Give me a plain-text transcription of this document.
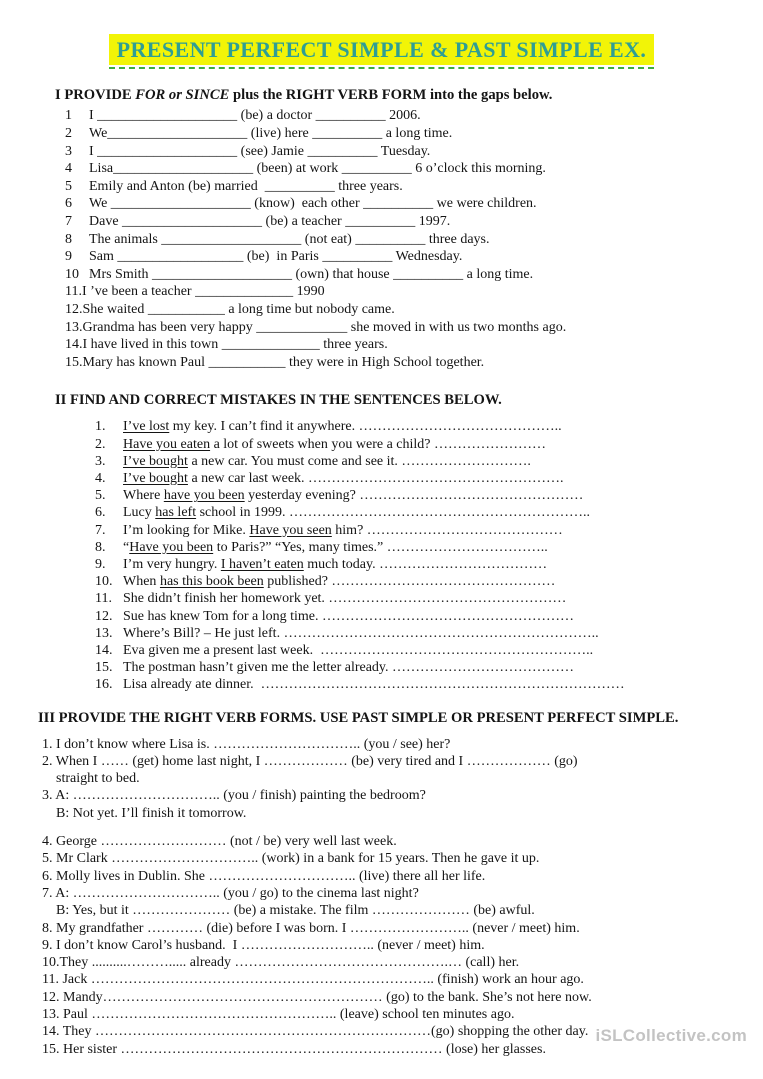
PRESENT PERFECT SIMPLE & PAST SIMPLE EX.
I PROVIDE FOR or SINCE plus the RIGHT VERB FORM into the gaps below.
1	I ____________________ (be) a doctor __________ 2006.
2	We____________________ (live) here __________ a long time.
3	I ____________________ (see) Jamie __________ Tuesday.
4	Lisa____________________ (been) at work __________ 6 o’clock this morning.
5	Emily and Anton (be) married  __________ three years.
6	We ____________________ (know)  each other __________ we were children.
7	Dave ____________________ (be) a teacher __________ 1997.
8	The animals ____________________ (not eat) __________ three days.
9	Sam __________________ (be)  in Paris __________ Wednesday.
10 Mrs Smith ____________________ (own) that house __________ a long time.
11.I ’ve been a teacher ______________ 1990
12.She waited ___________ a long time but nobody came.
13.Grandma has been very happy _____________ she moved in with us two months ago.
14.I have lived in this town ______________ three years.
15.Mary has known Paul ___________ they were in High School together.
II FIND AND CORRECT MISTAKES IN THE SENTENCES BELOW.
1.	I’ve lost my key. I can’t find it anywhere. ……………………………………..
2.	Have you eaten a lot of sweets when you were a child? ……………………
3.	I’ve bought a new car. You must come and see it. ……………………….
4.	I’ve bought a new car last week. ……………………………………………….
5.	Where have you been yesterday evening? …………………………………………
6.	Lucy has left school in 1999. ………………………………………………………..
7.	I’m looking for Mike. Have you seen him? ……………………………………
8.	“Have you been to Paris?” “Yes, many times.” ……………………………..
9.	I’m very hungry. I haven’t eaten much today. ………………………………
10. When has this book been published? …………………………………………
11. She didn’t finish her homework yet. ……………………………………………
12. Sue has knew Tom for a long time. ………………………………………………
13. Where’s Bill? – He just left. …………………………………………………………..
14. Eva given me a present last week.  …………………………………………………..
15. The postman hasn’t given me the letter already. …………………………………
16. Lisa already ate dinner.  ……………………………………………………………………
III PROVIDE THE RIGHT VERB FORMS. USE PAST SIMPLE OR PRESENT PERFECT SIMPLE.
1. I don’t know where Lisa is. ………………………….. (you / see) her?
2. When I …… (get) home last night, I ……………… (be) very tired and I ……………… (go)
straight to bed.
3. A: ………………………….. (you / finish) painting the bedroom?
B: Not yet. I’ll finish it tomorrow.
4. George ……………………… (not / be) very well last week.
5. Mr Clark ………………………….. (work) in a bank for 15 years. Then he gave it up.
6. Molly lives in Dublin. She ………………………….. (live) there all her life.
7. A: ………………………….. (you / go) to the cinema last night?
B: Yes, but it ………………… (be) a mistake. The film ………………… (be) awful.
8. My grandfather ………… (die) before I was born. I …………………….. (never / meet) him.
9. I don’t know Carol’s husband.  I ……………………….. (never / meet) him.
10.They ..........………..... already ……………………………………….… (call) her.
11. Jack ……………………………………………………………….. (finish) work an hour ago.
12. Mandy…………………………………………………… (go) to the bank. She’s not here now.
13. Paul …………………………………………….. (leave) school ten minutes ago.
14. They ………………………………………………………………(go) shopping the other day.
15. Her sister …………………………………………………………… (lose) her glasses.
iSLCollective.com
